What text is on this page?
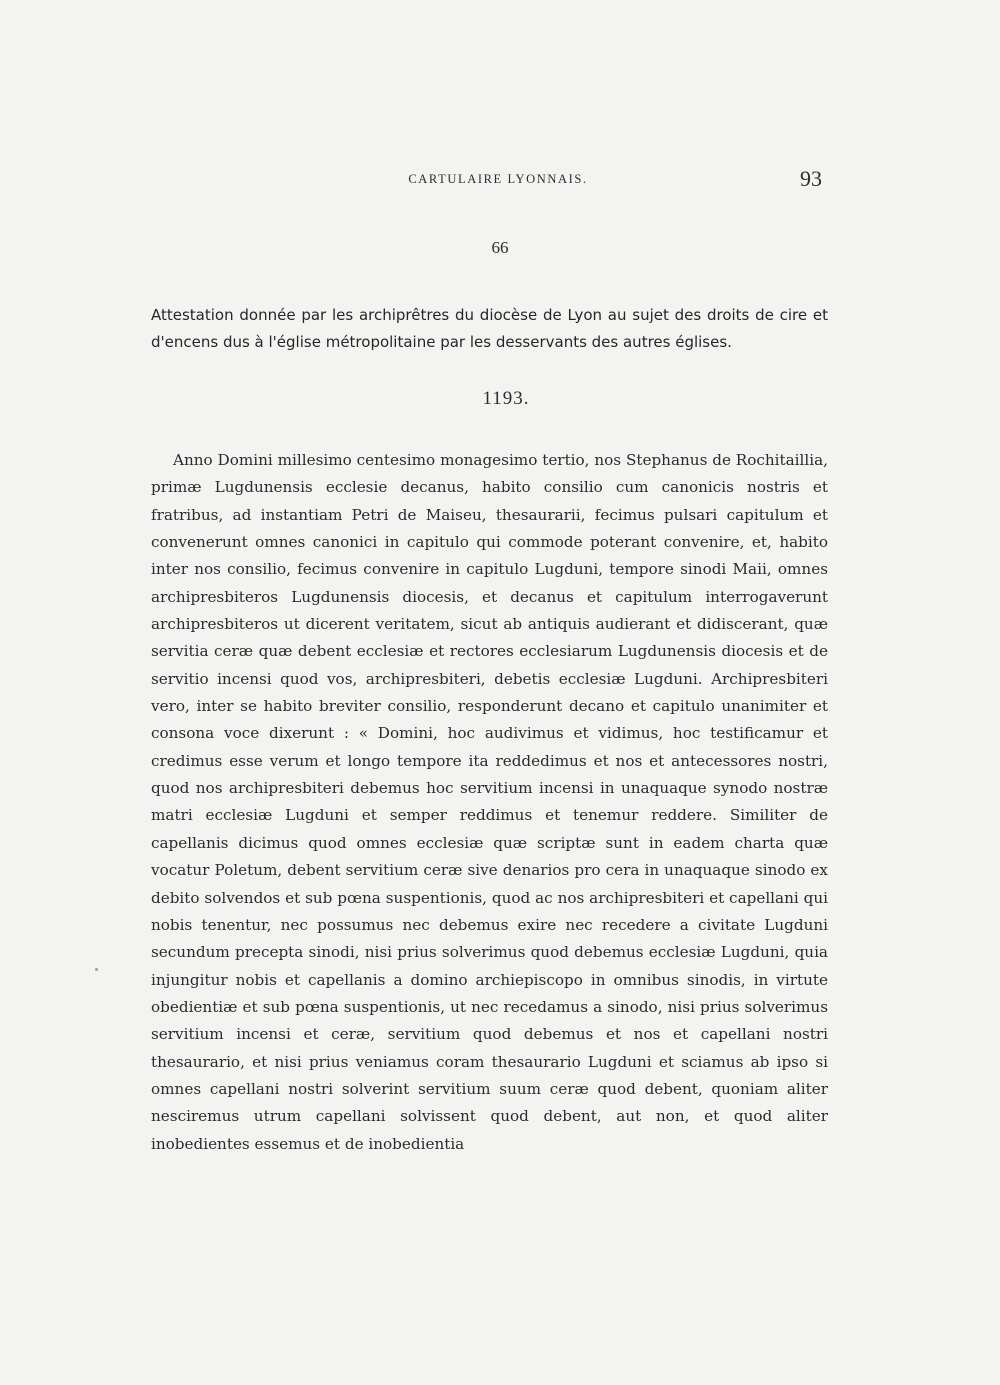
CARTULAIRE LYONNAIS.	93
66
Attestation donnée par les archiprêtres du diocèse de Lyon au sujet des droits de cire et d'encens dus à l'église métropolitaine par les desservants des autres églises.
1193.

Anno Domini millesimo centesimo monagesimo tertio, nos Stephanus de Rochitaillia, primæ Lugdunensis ecclesie decanus, habito consilio cum canonicis nostris et fratribus, ad instantiam Petri de Maiseu, thesaurarii, fecimus pulsari capitulum et convenerunt omnes canonici in capitulo qui commode poterant convenire, et, habito inter nos consilio, fecimus convenire in capitulo Lugduni, tempore sinodi Maii, omnes archipresbiteros Lugdunensis diocesis, et decanus et capitulum interrogaverunt archipresbiteros ut dicerent veritatem, sicut ab antiquis audierant et didiscerant, quæ servitia ceræ quæ debent ecclesiæ et rectores ecclesiarum Lugdunensis diocesis et de servitio incensi quod vos, archipresbiteri, debetis ecclesiæ Lugduni. Archipresbiteri vero, inter se habito breviter consilio, responderunt decano et capitulo unanimiter et consona voce dixerunt : « Domini, hoc audivimus et vidimus, hoc testificamur et credimus esse verum et longo tempore ita reddedimus et nos et antecessores nostri, quod nos archipresbiteri debemus hoc servitium incensi in unaquaque synodo nostræ matri ecclesiæ Lugduni et semper reddimus et tenemur reddere. Similiter de capellanis dicimus quod omnes ecclesiæ quæ scriptæ sunt in eadem charta quæ vocatur Poletum, debent servitium ceræ sive denarios pro cera in unaquaque sinodo ex debito solvendos et sub pœna suspentionis, quod ac nos archipresbiteri et capellani qui nobis tenentur, nec possumus nec debemus exire nec recedere a civitate Lugduni secundum precepta sinodi, nisi prius solverimus quod debemus ecclesiæ Lugduni, quia injungitur nobis et capellanis a domino archiepiscopo in omnibus sinodis, in virtute obedientiæ et sub pœna suspentionis, ut nec recedamus a sinodo, nisi prius solverimus servitium incensi et ceræ, servitium quod debemus et nos et capellani nostri thesaurario, et nisi prius veniamus coram thesaurario Lugduni et sciamus ab ipso si omnes capellani nostri solverint servitium suum ceræ quod debent, quoniam aliter nesciremus utrum capellani solvissent quod debent, aut non, et quod aliter inobedientes essemus et de inobedientia
